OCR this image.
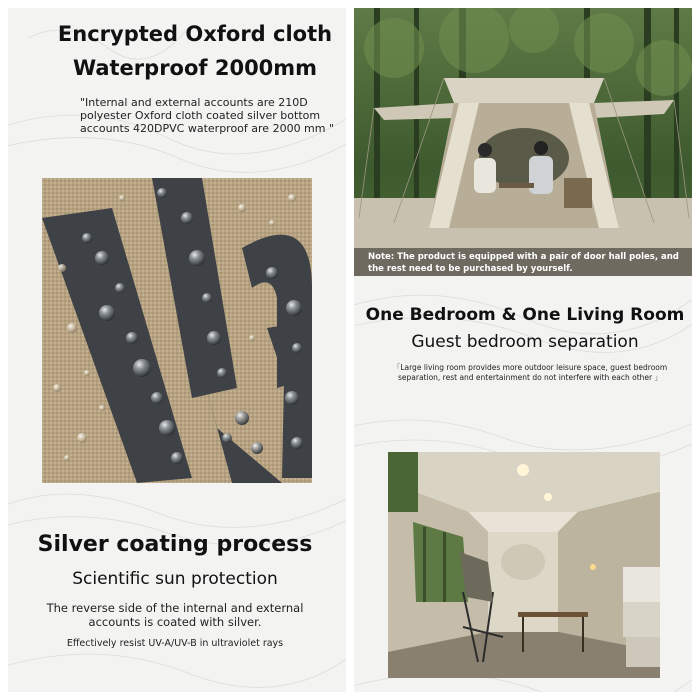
Encrypted Oxford cloth
Waterproof 2000mm
"Internal and external accounts are 210D polyester Oxford cloth coated silver bottom accounts 420DPVC waterproof are 2000 mm "
Silver coating process
Scientific sun protection
The reverse side of the internal and external accounts is coated with silver.
Effectively resist UV-A/UV-B in ultraviolet rays
Note: The product is equipped with a pair of door hall poles, and the rest need to be purchased by yourself.
One Bedroom & One Living Room
Guest bedroom separation
「Large living room provides more outdoor leisure space, guest bedroom separation, rest and entertainment do not interfere with each other 」
